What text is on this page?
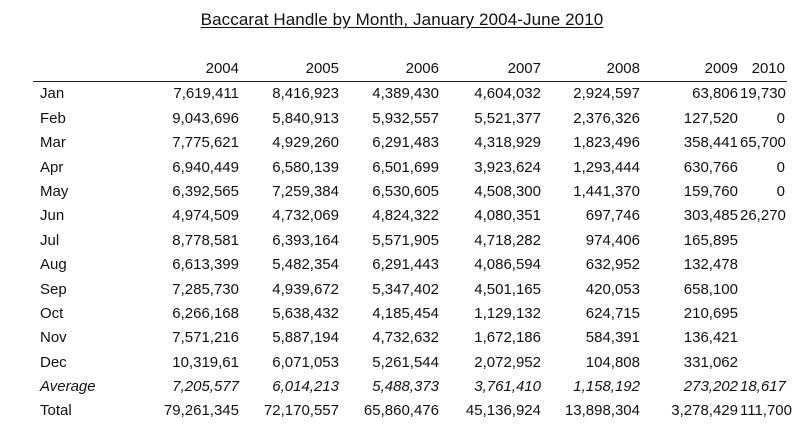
Baccarat Handle by Month, January 2004-June 2010
2004	2005	2006	2007	2008	2009 2010
Jan	7,619,411	8,416,923	4,389,430	4,604,032	2,924,597	63,806 19,730
Feb	9,043,696	5,840,913	5,932,557	5,521,377	2,376,326	127,520	0
Mar	7,775,621	4,929,260	6,291,483	4,318,929	1,823,496	358,441 65,700
Apr	6,940,449	6,580,139	6,501,699	3,923,624	1,293,444	630,766	0
May	6,392,565	7,259,384	6,530,605	4,508,300	1,441,370	159,760	0
Jun	4,974,509	4,732,069	4,824,322	4,080,351	697,746	303,485 26,270
Jul	8,778,581	6,393,164	5,571,905	4,718,282	974,406	165,895
Aug	6,613,399	5,482,354	6,291,443	4,086,594	632,952	132,478
Sep	7,285,730	4,939,672	5,347,402	4,501,165	420,053	658,100
Oct	6,266,168	5,638,432	4,185,454	1,129,132	624,715	210,695
Nov	7,571,216	5,887,194	4,732,632	1,672,186	584,391	136,421
Dec	10,319,61	6,071,053	5,261,544	2,072,952	104,808	331,062
Average	7,205,577	6,014,213	5,488,373	3,761,410	1,158,192	273,202 18,617
Total	79,261,345	72,170,557	65,860,476	45,136,924	13,898,304	3,278,429 111,700
